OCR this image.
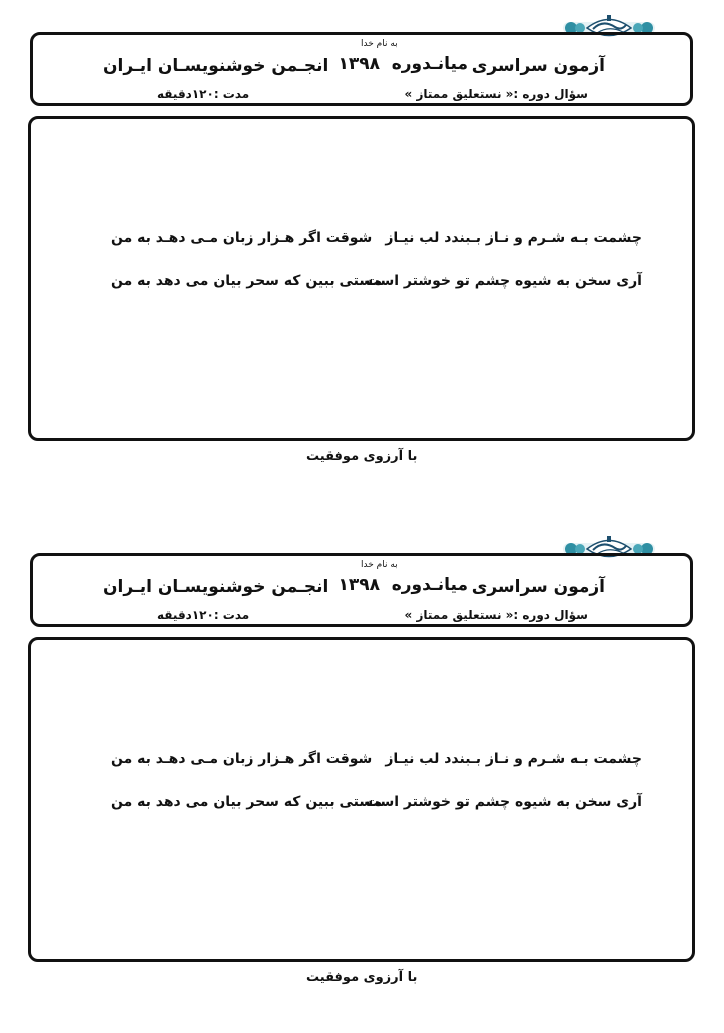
به نام خدا
آزمون سراسری
میانـدوره
۱۳۹۸
انجـمن خوشنویسـان ایـران
سؤال دوره :« نستعلیق ممتاز »
مدت :۱۲۰دقیقه
چشمت بـه شـرم و نـاز بـبندد لب نیـاز
شوقت اگر هـزار زبان مـی دهـد به من
آری سخن به شیوه چشم تو خوشتر است
مستی ببین که سحر بیان می دهد به من
با آرزوی موفقیت
به نام خدا
آزمون سراسری
میانـدوره
۱۳۹۸
انجـمن خوشنویسـان ایـران
سؤال دوره :« نستعلیق ممتاز »
مدت :۱۲۰دقیقه
چشمت بـه شـرم و نـاز بـبندد لب نیـاز
شوقت اگر هـزار زبان مـی دهـد به من
آری سخن به شیوه چشم تو خوشتر است
مستی ببین که سحر بیان می دهد به من
با آرزوی موفقیت
